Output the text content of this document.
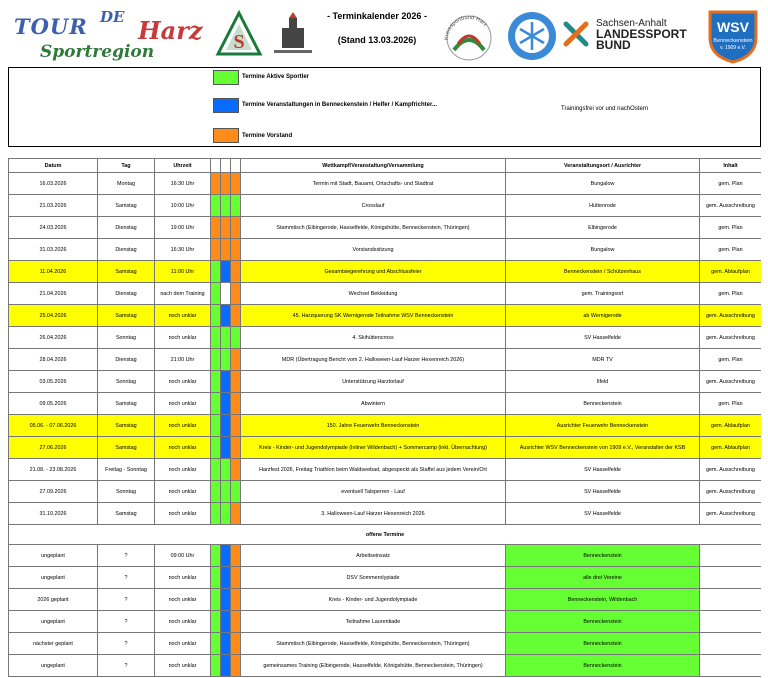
TOUR DE Harz
Sportregion	S
- Terminkalender 2026 -
(Stand 13.03.2026)	Kreissportbund Harz	Sachsen-Anhalt
LANDESSPORT
BUND
WSV
Benneckenstein
v. 1909 e.V.
Termine Aktive Sportler
Termine Veranstaltungen in Benneckenstein / Helfer / Kampfrichter...
Termine Vorstand
Trainingsfrei vor und nachOstern
Datum	Tag	Uhrzeit				Wettkampf/Veranstaltung/Versammlung	Veranstaltungsort / Ausrichter	Inhalt
16.03.2026	Montag	16:30 Uhr				Termin mit Stadt, Bauamt, Ortschafts- und Stadtrat	Bungalow	gem. Plan
21.03.2026	Samstag	10:00 Uhr				Crosslauf	Hüttenrode	gem. Ausschreibung
24.03.2026	Dienstag	19:00 Uhr				Stammtisch (Elbingerode, Hasselfelde, Königshütte, Benneckenstein, Thüringen)	Elbingerode	gem. Plan
31.03.2026	Dienstag	16:30 Uhr				Vorstandssitzung	Bungalow	gem. Plan
11.04.2026	Samstag	11:00 Uhr				Gesamtsiegerehrung und Abschlussfeier	Benneckenstein / Schützenhaus	gem. Ablaufplan
21.04.2026	Dienstag	nach dem Training				Wechsel Bekleidung	gem. Trainingsort	gem. Plan
25.04.2026	Samstag	noch unklar				45. Harzquerung SK Wernigerode Teilnahme WSV Benneckenstein	ab Wernigerode	gem. Ausschreibung
26.04.2026	Sonntag	noch unklar				4. Skihüttencross	SV Hasselfelde	gem. Ausschreibung
28.04.2026	Dienstag	21:00 Uhr				MDR (Übertragung Bericht vom 2. Halloween-Lauf Harzer Hexenreich 2026)	MDR TV	gem. Plan
03.05.2026	Sonntag	noch unklar				Unterstützung Harztorlauf	Ilfeld	gem. Ausschreibung
09.05.2026	Samstag	noch unklar				Abwintern	Benneckenstein	gem. Plan
05.06. - 07.06.2026	Samstag	noch unklar				150. Jahre Feuerwehr Benneckenstein	Ausrichter Feuerwehr Benneckenstein	gem. Ablaufplan
27.06.2026	Samstag	noch unklar				Kreis - Kinder- und Jugendolympiade (Inliner Wildenbach) + Sommercamp (inkl. Übernachtung)	Ausrichter WSV Benneckenstein von 1909 e.V., Veranstalter der KSB	gem. Ablaufplan
21.08. - 23.08.2026	Freitag - Sonntag	noch unklar				Harzfest 2026, Freitag Triathlon beim Waldseebad, abgespeckt als Staffel aus jedem Verein/Ort	SV Hasselfelde	gem. Ausschreibung
27.09.2026	Sonntag	noch unklar				eventuell Talsperren - Lauf	SV Hasselfelde	gem. Ausschreibung
31.10.2026	Samstag	noch unklar				3. Halloween-Lauf Harzer Hexenreich 2026	SV Hasselfelde	gem. Ausschreibung
offene Termine								
ungeplant	?	09:00 Uhr				Arbeitseinsatz	Benneckenstein	
ungeplant	?	noch unklar				DSV Sommerolypiade	alle drei Vereine	
2026 geplant	?	noch unklar				Kreis - Kinder- und Jugendolympiade	Benneckenstein, Wildenbach	
ungeplant	?	noch unklar				Teilnahme Laurentiade	Benneckenstein	
nächster geplant	?	noch unklar				Stammtisch (Elbingerode, Hasselfelde, Königshütte, Benneckenstein, Thüringen)	Benneckenstein	
ungeplant	?	noch unklar				gemeinsames Training (Elbingerode, Hasselfelde, Königshütte, Benneckenstein, Thüringen)	Benneckenstein	
